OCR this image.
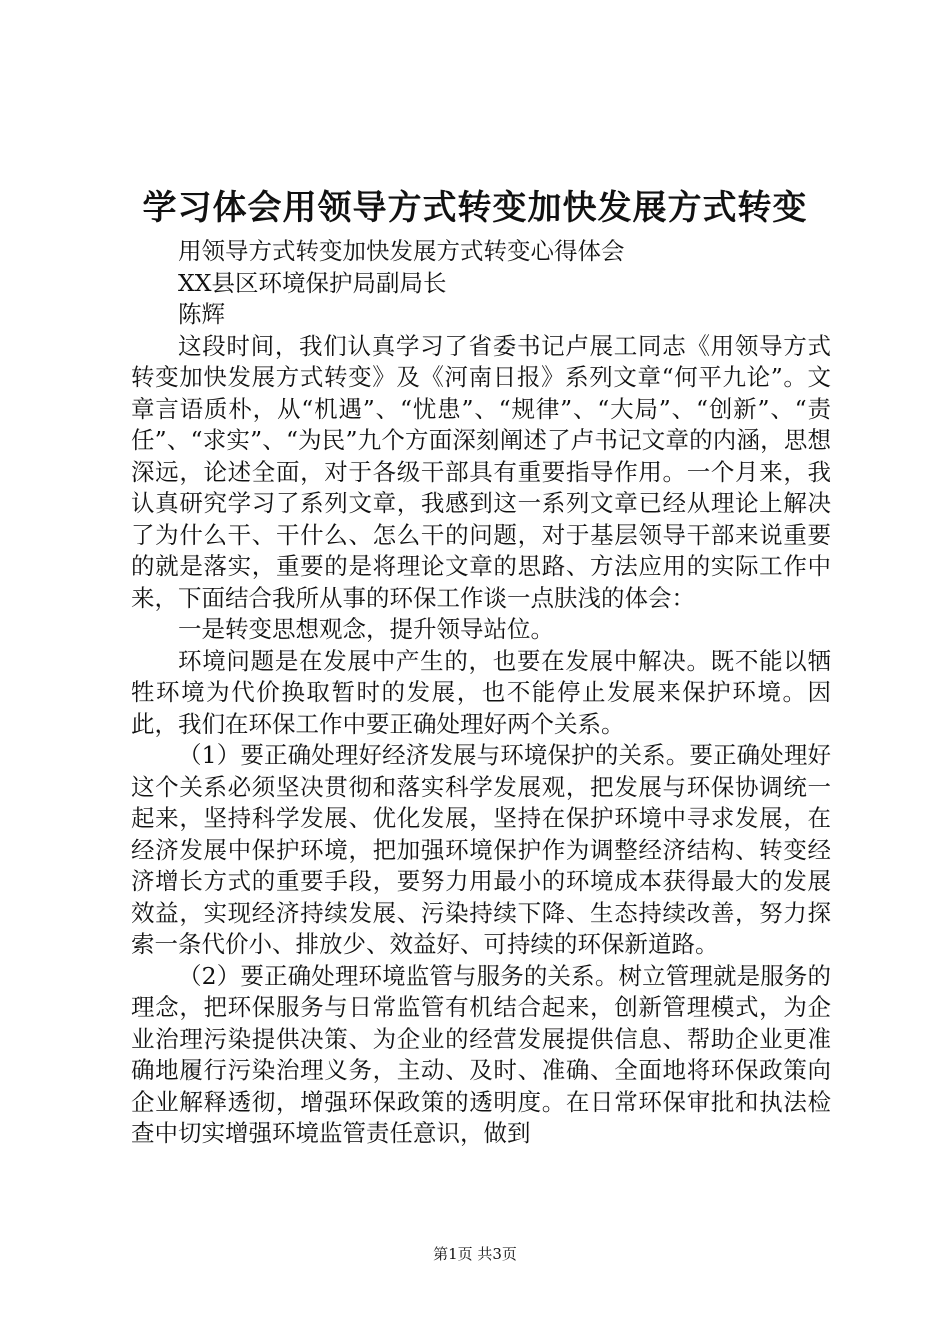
学习体会用领导方式转变加快发展方式转变

用领导方式转变加快发展方式转变心得体会

XX县区环境保护局副局长

陈辉

这段时间，我们认真学习了省委书记卢展工同志《用领导方式转变加快发展方式转变》及《河南日报》系列文章“何平九论”。文章言语质朴，从“机遇”、“忧患”、“规律”、“大局”、“创新”、“责任”、“求实”、“为民”九个方面深刻阐述了卢书记文章的内涵，思想深远，论述全面，对于各级干部具有重要指导作用。一个月来，我认真研究学习了系列文章，我感到这一系列文章已经从理论上解决了为什么干、干什么、怎么干的问题，对于基层领导干部来说重要的就是落实，重要的是将理论文章的思路、方法应用的实际工作中来，下面结合我所从事的环保工作谈一点肤浅的体会：

一是转变思想观念，提升领导站位。

环境问题是在发展中产生的，也要在发展中解决。既不能以牺牲环境为代价换取暂时的发展，也不能停止发展来保护环境。因此，我们在环保工作中要正确处理好两个关系。

（1）要正确处理好经济发展与环境保护的关系。要正确处理好这个关系必须坚决贯彻和落实科学发展观，把发展与环保协调统一起来，坚持科学发展、优化发展，坚持在保护环境中寻求发展，在经济发展中保护环境，把加强环境保护作为调整经济结构、转变经济增长方式的重要手段，要努力用最小的环境成本获得最大的发展效益，实现经济持续发展、污染持续下降、生态持续改善，努力探索一条代价小、排放少、效益好、可持续的环保新道路。

（2）要正确处理环境监管与服务的关系。树立管理就是服务的理念，把环保服务与日常监管有机结合起来，创新管理模式，为企业治理污染提供决策、为企业的经营发展提供信息、帮助企业更准确地履行污染治理义务，主动、及时、准确、全面地将环保政策向企业解释透彻，增强环保政策的透明度。在日常环保审批和执法检查中切实增强环境监管责任意识，做到

第1页 共3页
